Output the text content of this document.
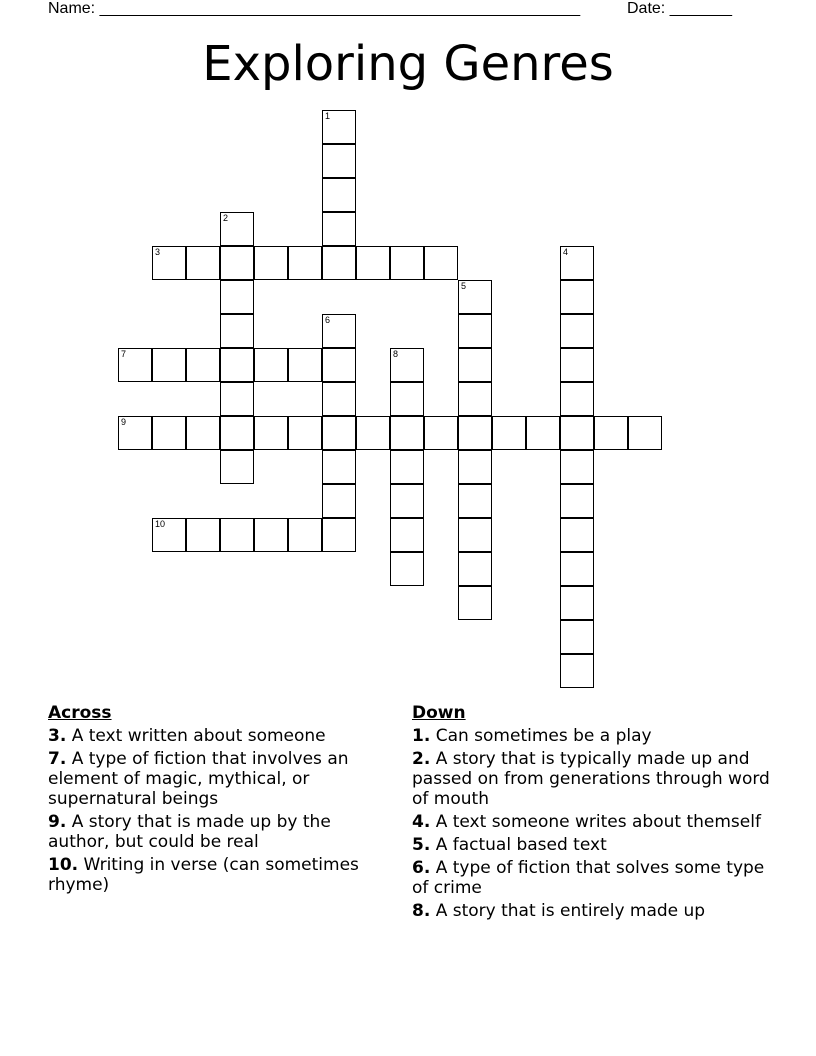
Name: ______________________________________________________	Date: _______
Exploring Genres
1
2
3	4
5
6
7	8
9
10
Across
3. A text written about someone
7. A type of fiction that involves an element of magic, mythical, or supernatural beings
9. A story that is made up by the author, but could be real
10. Writing in verse (can sometimes rhyme)
Down
1. Can sometimes be a play
2. A story that is typically made up and passed on from generations through word of mouth
4. A text someone writes about themself
5. A factual based text
6. A type of fiction that solves some type of crime
8. A story that is entirely made up
